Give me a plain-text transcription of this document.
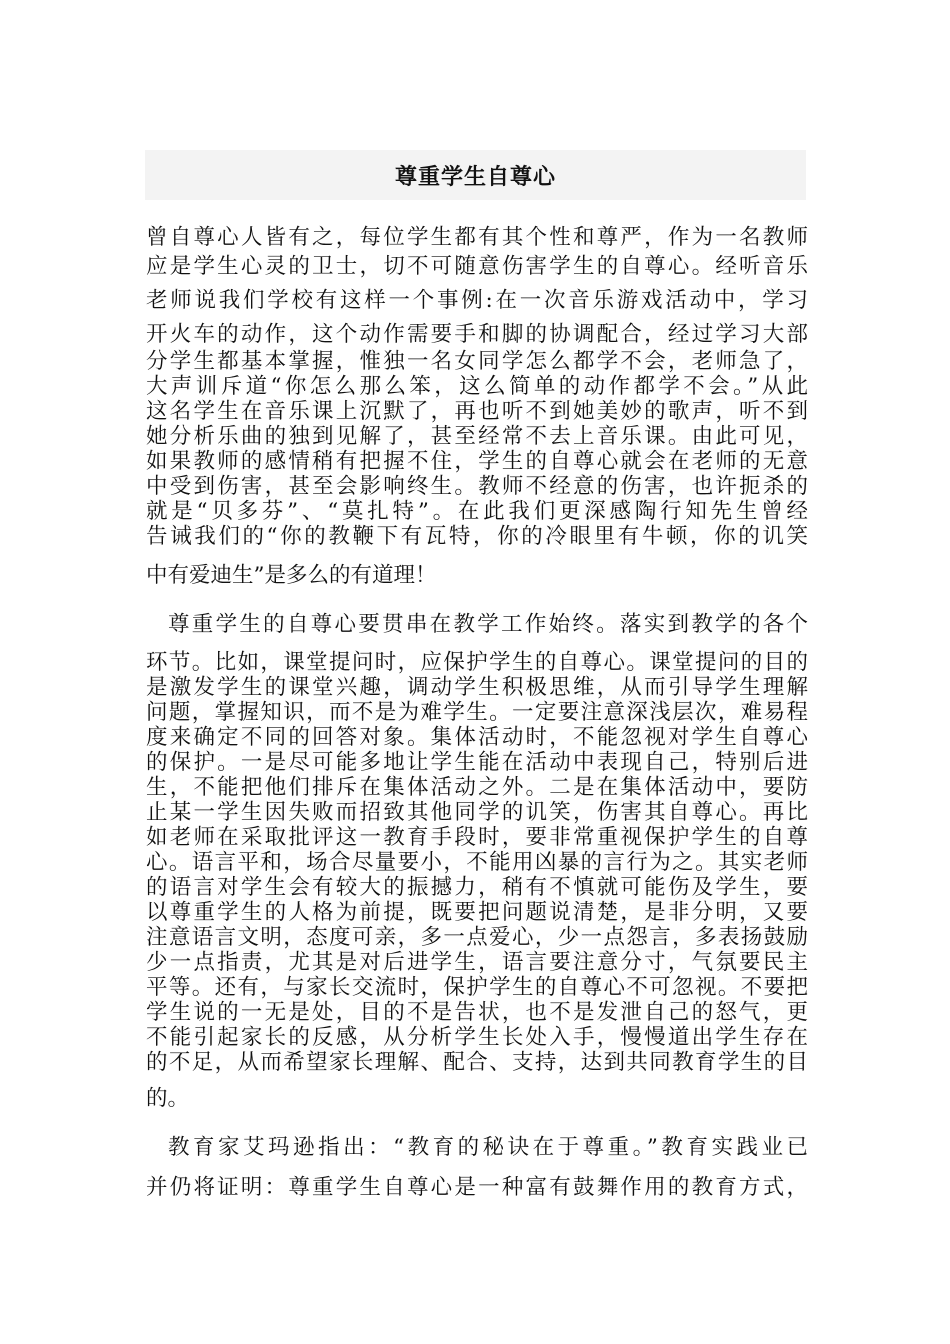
尊重学生自尊心
曾自尊心人皆有之，每位学生都有其个性和尊严，作为一名教师
应是学生心灵的卫士，切不可随意伤害学生的自尊心。经听音乐
老师说我们学校有这样一个事例:在一次音乐游戏活动中，学习
开火车的动作，这个动作需要手和脚的协调配合，经过学习大部
分学生都基本掌握，惟独一名女同学怎么都学不会，老师急了，
大声训斥道“你怎么那么笨，这么简单的动作都学不会。”从此
这名学生在音乐课上沉默了，再也听不到她美妙的歌声，听不到
她分析乐曲的独到见解了，甚至经常不去上音乐课。由此可见，
如果教师的感情稍有把握不住，学生的自尊心就会在老师的无意
中受到伤害，甚至会影响终生。教师不经意的伤害，也许扼杀的
就是“贝多芬”、“莫扎特”。在此我们更深感陶行知先生曾经
告诫我们的“你的教鞭下有瓦特，你的冷眼里有牛顿，你的讥笑
中有爱迪生”是多么的有道理！
尊重学生的自尊心要贯串在教学工作始终。落实到教学的各个
环节。比如，课堂提问时，应保护学生的自尊心。课堂提问的目的
是激发学生的课堂兴趣，调动学生积极思维，从而引导学生理解
问题，掌握知识，而不是为难学生。一定要注意深浅层次，难易程
度来确定不同的回答对象。集体活动时，不能忽视对学生自尊心
的保护。一是尽可能多地让学生能在活动中表现自己，特别后进
生，不能把他们排斥在集体活动之外。二是在集体活动中，要防
止某一学生因失败而招致其他同学的讥笑，伤害其自尊心。再比
如老师在采取批评这一教育手段时，要非常重视保护学生的自尊
心。语言平和，场合尽量要小，不能用凶暴的言行为之。其实老师
的语言对学生会有较大的振撼力，稍有不慎就可能伤及学生，要
以尊重学生的人格为前提，既要把问题说清楚，是非分明，又要
注意语言文明，态度可亲，多一点爱心，少一点怨言，多表扬鼓励
少一点指责，尤其是对后进学生，语言要注意分寸，气氛要民主
平等。还有，与家长交流时，保护学生的自尊心不可忽视。不要把
学生说的一无是处，目的不是告状，也不是发泄自己的怒气，更
不能引起家长的反感，从分析学生长处入手，慢慢道出学生存在
的不足，从而希望家长理解、配合、支持，达到共同教育学生的目
的。
教育家艾玛逊指出：“教育的秘诀在于尊重。”教育实践业已
并仍将证明：尊重学生自尊心是一种富有鼓舞作用的教育方式，
